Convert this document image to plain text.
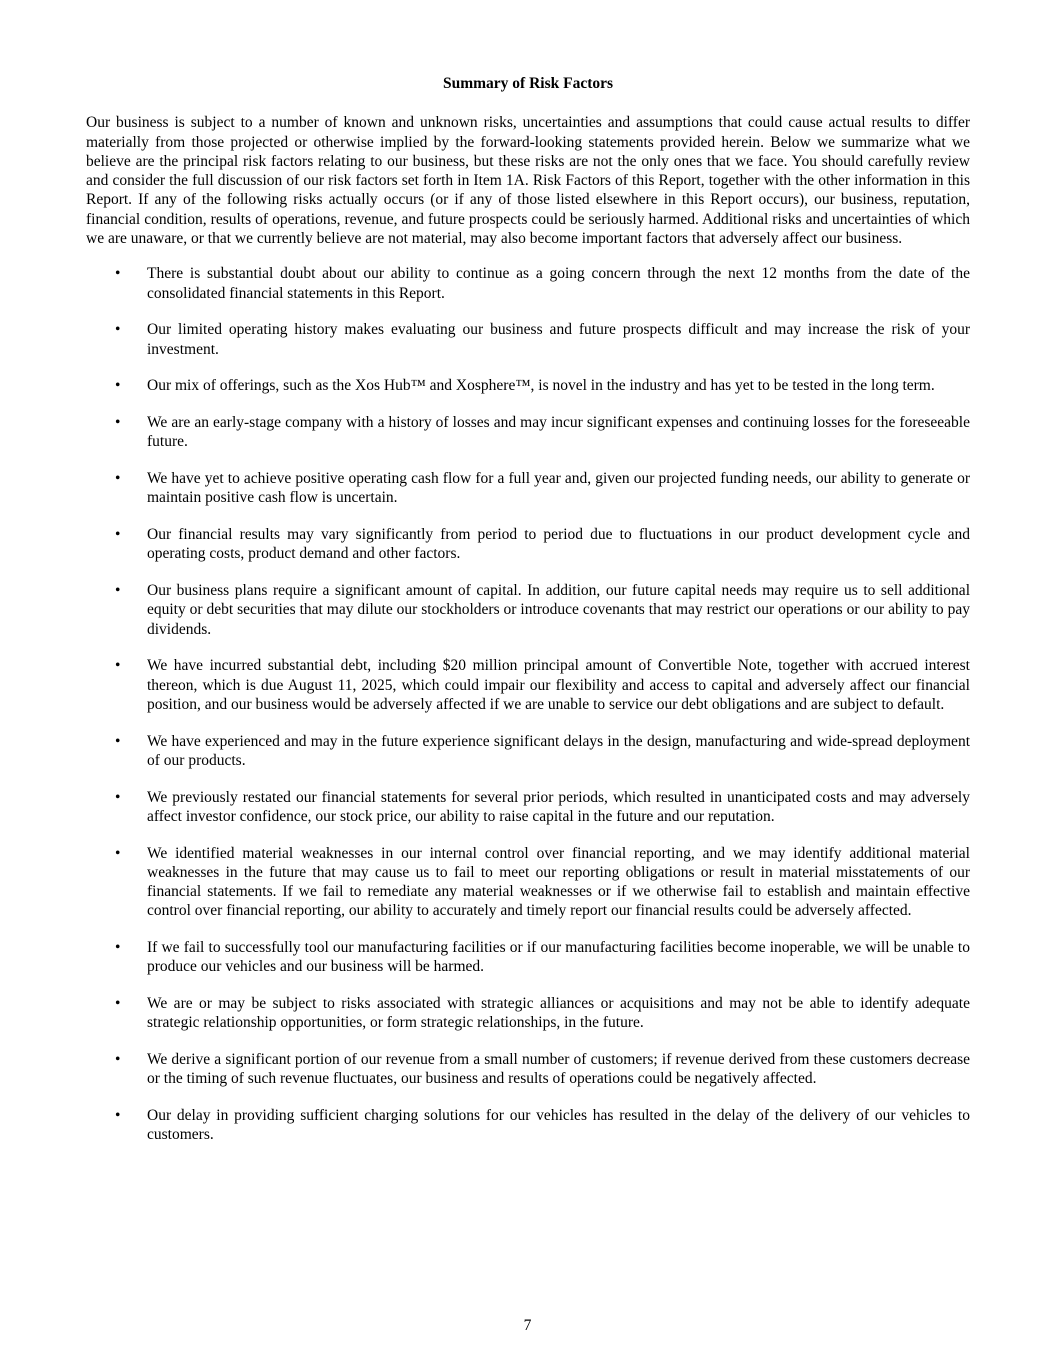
Summary of Risk Factors

Our business is subject to a number of known and unknown risks, uncertainties and assumptions that could cause actual results to differ materially from those projected or otherwise implied by the forward-looking statements provided herein. Below we summarize what we believe are the principal risk factors relating to our business, but these risks are not the only ones that we face. You should carefully review and consider the full discussion of our risk factors set forth in Item 1A. Risk Factors of this Report, together with the other information in this Report. If any of the following risks actually occurs (or if any of those listed elsewhere in this Report occurs), our business, reputation, financial condition, results of operations, revenue, and future prospects could be seriously harmed. Additional risks and uncertainties of which we are unaware, or that we currently believe are not material, may also become important factors that adversely affect our business.

• There is substantial doubt about our ability to continue as a going concern through the next 12 months from the date of the consolidated financial statements in this Report.
• Our limited operating history makes evaluating our business and future prospects difficult and may increase the risk of your investment.
• Our mix of offerings, such as the Xos Hub™ and Xosphere™, is novel in the industry and has yet to be tested in the long term.
• We are an early-stage company with a history of losses and may incur significant expenses and continuing losses for the foreseeable future.
• We have yet to achieve positive operating cash flow for a full year and, given our projected funding needs, our ability to generate or maintain positive cash flow is uncertain.
• Our financial results may vary significantly from period to period due to fluctuations in our product development cycle and operating costs, product demand and other factors.
• Our business plans require a significant amount of capital. In addition, our future capital needs may require us to sell additional equity or debt securities that may dilute our stockholders or introduce covenants that may restrict our operations or our ability to pay dividends.
• We have incurred substantial debt, including $20 million principal amount of Convertible Note, together with accrued interest thereon, which is due August 11, 2025, which could impair our flexibility and access to capital and adversely affect our financial position, and our business would be adversely affected if we are unable to service our debt obligations and are subject to default.
• We have experienced and may in the future experience significant delays in the design, manufacturing and wide-spread deployment of our products.
• We previously restated our financial statements for several prior periods, which resulted in unanticipated costs and may adversely affect investor confidence, our stock price, our ability to raise capital in the future and our reputation.
• We identified material weaknesses in our internal control over financial reporting, and we may identify additional material weaknesses in the future that may cause us to fail to meet our reporting obligations or result in material misstatements of our financial statements. If we fail to remediate any material weaknesses or if we otherwise fail to establish and maintain effective control over financial reporting, our ability to accurately and timely report our financial results could be adversely affected.
• If we fail to successfully tool our manufacturing facilities or if our manufacturing facilities become inoperable, we will be unable to produce our vehicles and our business will be harmed.
• We are or may be subject to risks associated with strategic alliances or acquisitions and may not be able to identify adequate strategic relationship opportunities, or form strategic relationships, in the future.
• We derive a significant portion of our revenue from a small number of customers; if revenue derived from these customers decrease or the timing of such revenue fluctuates, our business and results of operations could be negatively affected.
• Our delay in providing sufficient charging solutions for our vehicles has resulted in the delay of the delivery of our vehicles to customers.
7
